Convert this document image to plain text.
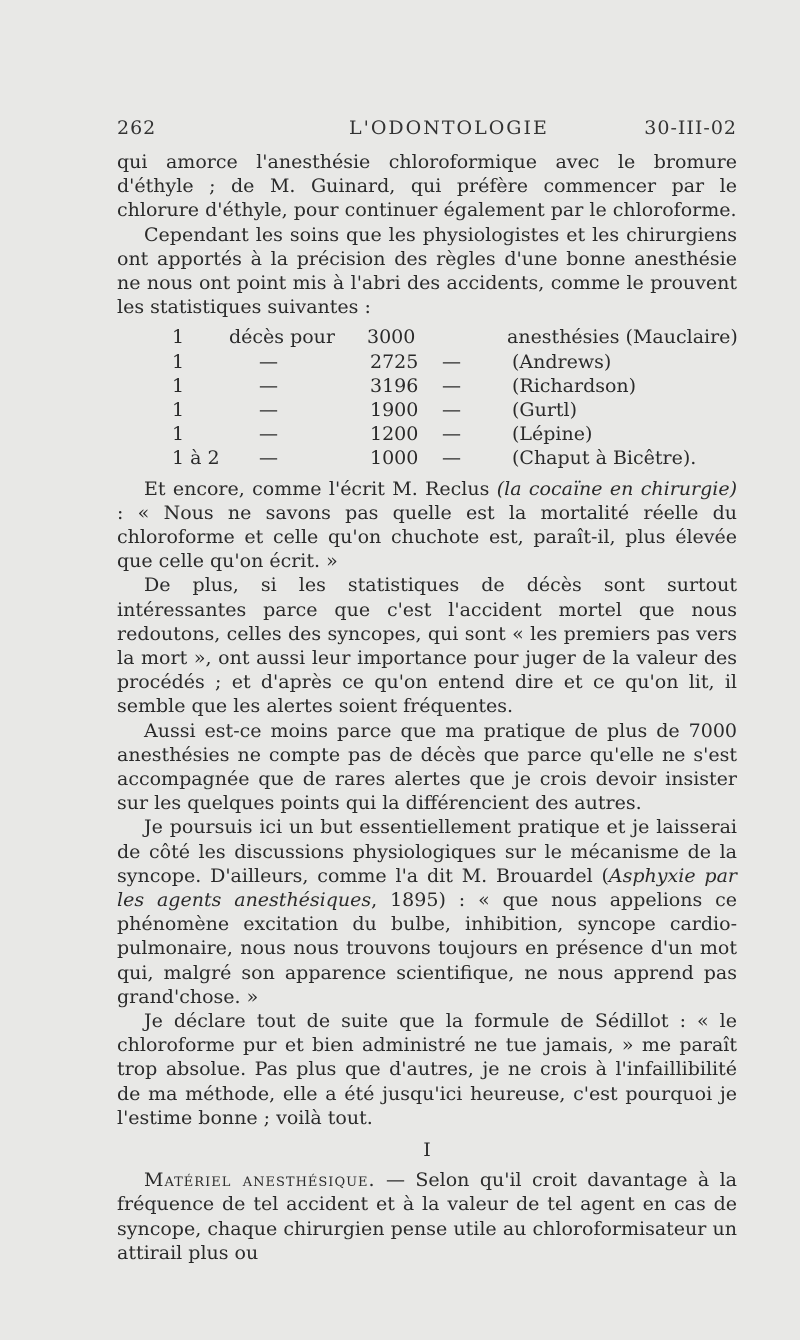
262	L'ODONTOLOGIE	30-III-02

qui amorce l'anesthésie chloroformique avec le bromure d'éthyle ; de M. Guinard, qui préfère commencer par le chlorure d'éthyle, pour continuer également par le chloroforme.

Cependant les soins que les physiologistes et les chirurgiens ont apportés à la précision des règles d'une bonne anesthésie ne nous ont point mis à l'abri des accidents, comme le prouvent les statistiques suivantes :

1 décès pour 3000	anesthésies (Mauclaire)
1	—	2725 —	(Andrews)
1	—	3196 —	(Richardson)
1	—	1900 —	(Gurtl)
1	—	1200 —	(Lépine)
1 à 2 —	1000 —	(Chaput à Bicêtre).

Et encore, comme l'écrit M. Reclus (la cocaïne en chirurgie) : « Nous ne savons pas quelle est la mortalité réelle du chloroforme et celle qu'on chuchote est, paraît-il, plus élevée que celle qu'on écrit. »

De plus, si les statistiques de décès sont surtout intéressantes parce que c'est l'accident mortel que nous redoutons, celles des syncopes, qui sont « les premiers pas vers la mort », ont aussi leur importance pour juger de la valeur des procédés ; et d'après ce qu'on entend dire et ce qu'on lit, il semble que les alertes soient fréquentes.

Aussi est-ce moins parce que ma pratique de plus de 7000 anesthésies ne compte pas de décès que parce qu'elle ne s'est accompagnée que de rares alertes que je crois devoir insister sur les quelques points qui la différencient des autres.

Je poursuis ici un but essentiellement pratique et je laisserai de côté les discussions physiologiques sur le mécanisme de la syncope. D'ailleurs, comme l'a dit M. Brouardel (Asphyxie par les agents anesthésiques, 1895) : « que nous appelions ce phénomène excitation du bulbe, inhibition, syncope cardio-pulmonaire, nous nous trouvons toujours en présence d'un mot qui, malgré son apparence scientifique, ne nous apprend pas grand'chose. »

Je déclare tout de suite que la formule de Sédillot : « le chloroforme pur et bien administré ne tue jamais, » me paraît trop absolue. Pas plus que d'autres, je ne crois à l'infaillibilité de ma méthode, elle a été jusqu'ici heureuse, c'est pourquoi je l'estime bonne ; voilà tout.

I

Matériel anesthésique. — Selon qu'il croit davantage à la fréquence de tel accident et à la valeur de tel agent en cas de syncope, chaque chirurgien pense utile au chloroformisateur un attirail plus ou
